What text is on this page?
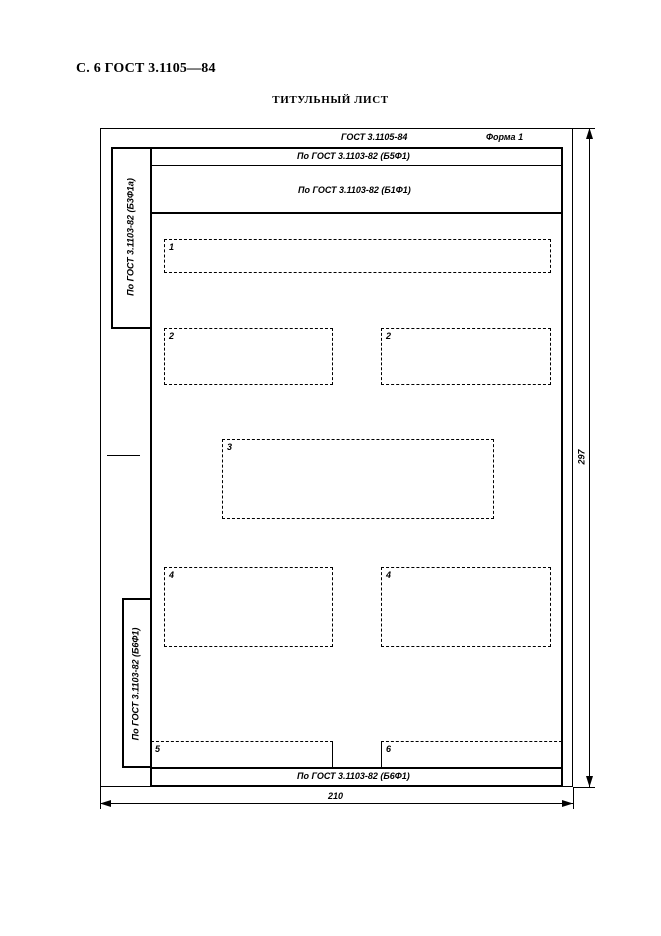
С. 6 ГОСТ 3.1105—84
ТИТУЛЬНЫЙ ЛИСТ
ГОСТ 3.1105-84	Форма 1
По ГОСТ 3.1103-82 (Б5Ф1)
По ГОСТ 3.1103-82 (Б1Ф1)
По ГОСТ 3.1103-82 (Б3Ф1а)
По ГОСТ 3.1103-82 (Б6Ф1)
1
2	2
3
4	4
5	6
По ГОСТ 3.1103-82 (Б6Ф1)
297
210
